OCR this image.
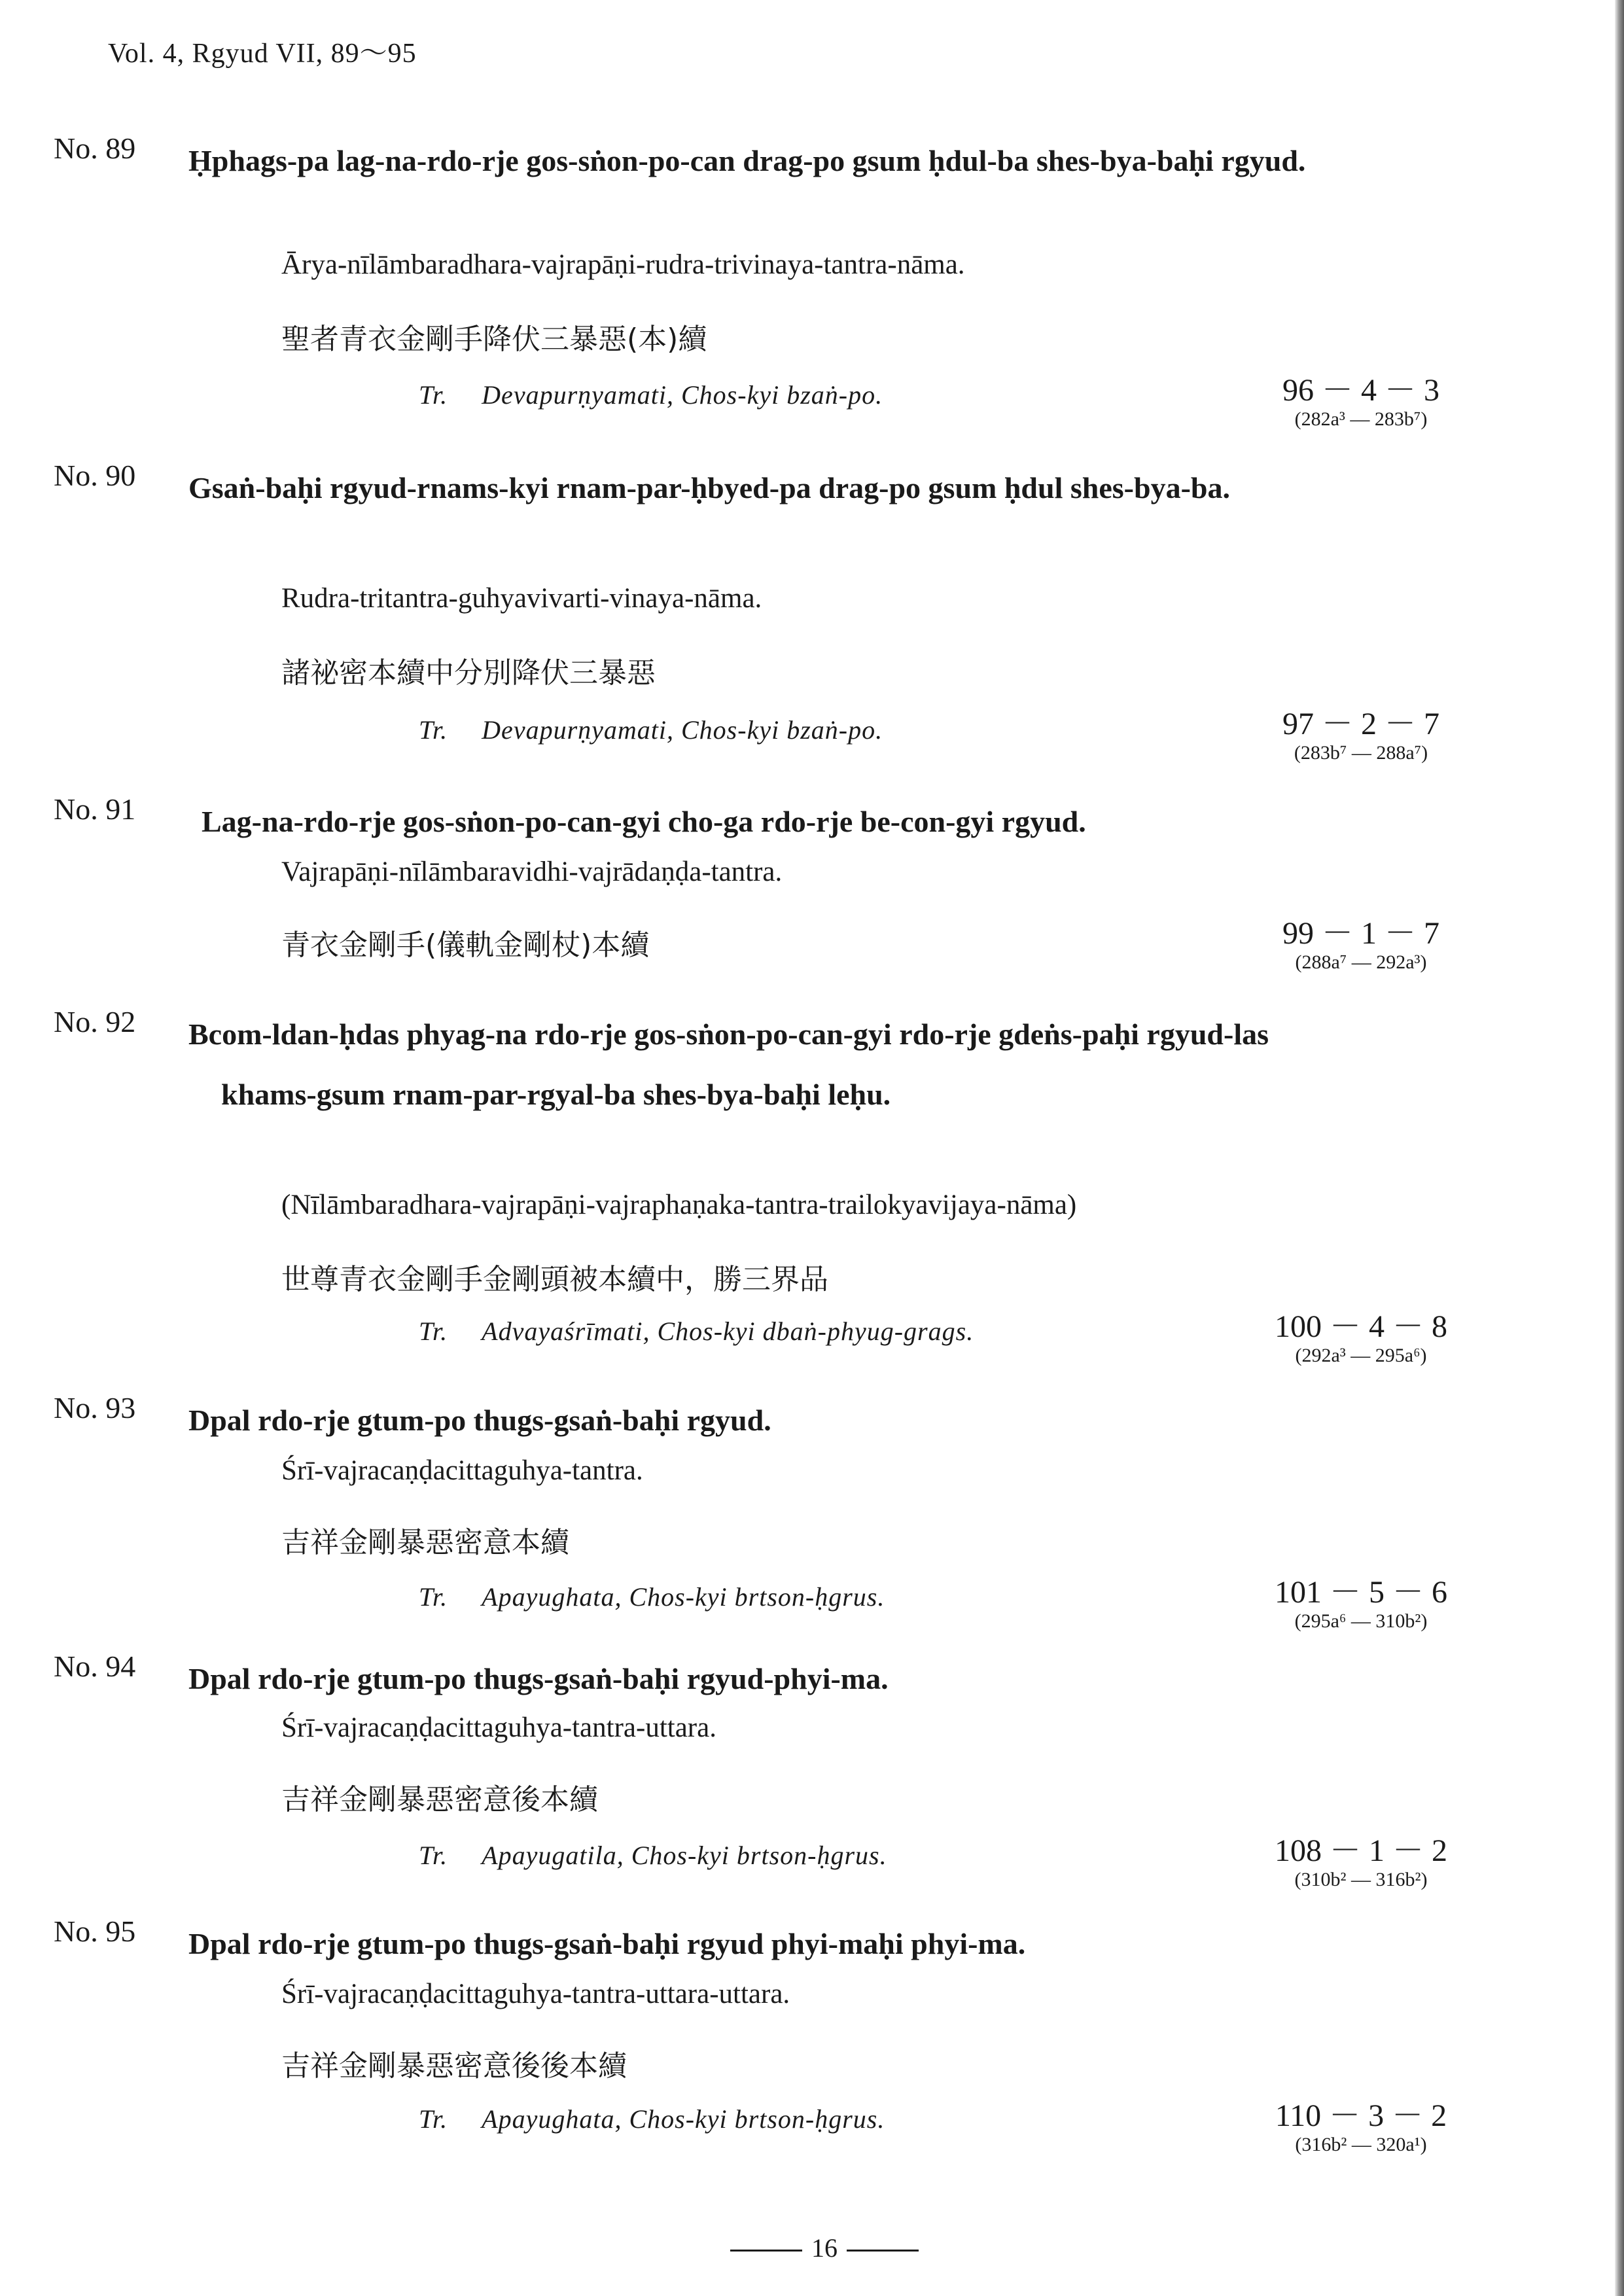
Vol. 4, Rgyud VII, 89～95
No. 89 Ḥphags-pa lag-na-rdo-rje gos-sṅon-po-can drag-po gsum ḥdul-ba shes-bya-baḥi rgyud.
Ārya-nīlāmbaradhara-vajrapāṇi-rudra-trivinaya-tantra-nāma.
聖者青衣金剛手降伏三暴惡(本)續
Tr. Devapurṇyamati, Chos-kyi bzaṅ-po.	96 － 4 － 3
(282a³ — 283b⁷)
No. 90 Gsaṅ-baḥi rgyud-rnams-kyi rnam-par-ḥbyed-pa drag-po gsum ḥdul shes-bya-ba.
Rudra-tritantra-guhyavivarti-vinaya-nāma.
諸祕密本續中分別降伏三暴惡
Tr. Devapurṇyamati, Chos-kyi bzaṅ-po.	97 － 2 － 7
(283b⁷ — 288a⁷)
No. 91 Lag-na-rdo-rje gos-sṅon-po-can-gyi cho-ga rdo-rje be-con-gyi rgyud.
Vajrapāṇi-nīlāmbaravidhi-vajrādaṇḍa-tantra.
青衣金剛手(儀軌金剛杖)本續	99 － 1 － 7
(288a⁷ — 292a³)
No. 92 Bcom-ldan-ḥdas phyag-na rdo-rje gos-sṅon-po-can-gyi rdo-rje gdeṅs-paḥi rgyud-las khams-gsum rnam-par-rgyal-ba shes-bya-baḥi leḥu.
(Nīlāmbaradhara-vajrapāṇi-vajraphaṇaka-tantra-trailokyavijaya-nāma)
世尊青衣金剛手金剛頭被本續中，勝三界品
Tr. Advayaśrīmati, Chos-kyi dbaṅ-phyug-grags.	100 － 4 － 8
(292a³ — 295a⁶)
No. 93 Dpal rdo-rje gtum-po thugs-gsaṅ-baḥi rgyud.
Śrī-vajracaṇḍacittaguhya-tantra.
吉祥金剛暴惡密意本續
Tr. Apayughata, Chos-kyi brtson-ḥgrus.	101 － 5 － 6
(295a⁶ — 310b²)
No. 94 Dpal rdo-rje gtum-po thugs-gsaṅ-baḥi rgyud-phyi-ma.
Śrī-vajracaṇḍacittaguhya-tantra-uttara.
吉祥金剛暴惡密意後本續
Tr. Apayugatila, Chos-kyi brtson-ḥgrus.	108 － 1 － 2
(310b² — 316b²)
No. 95 Dpal rdo-rje gtum-po thugs-gsaṅ-baḥi rgyud phyi-maḥi phyi-ma.
Śrī-vajracaṇḍacittaguhya-tantra-uttara-uttara.
吉祥金剛暴惡密意後後本續
Tr. Apayughata, Chos-kyi brtson-ḥgrus.	110 － 3 － 2
(316b² — 320a¹)
16
